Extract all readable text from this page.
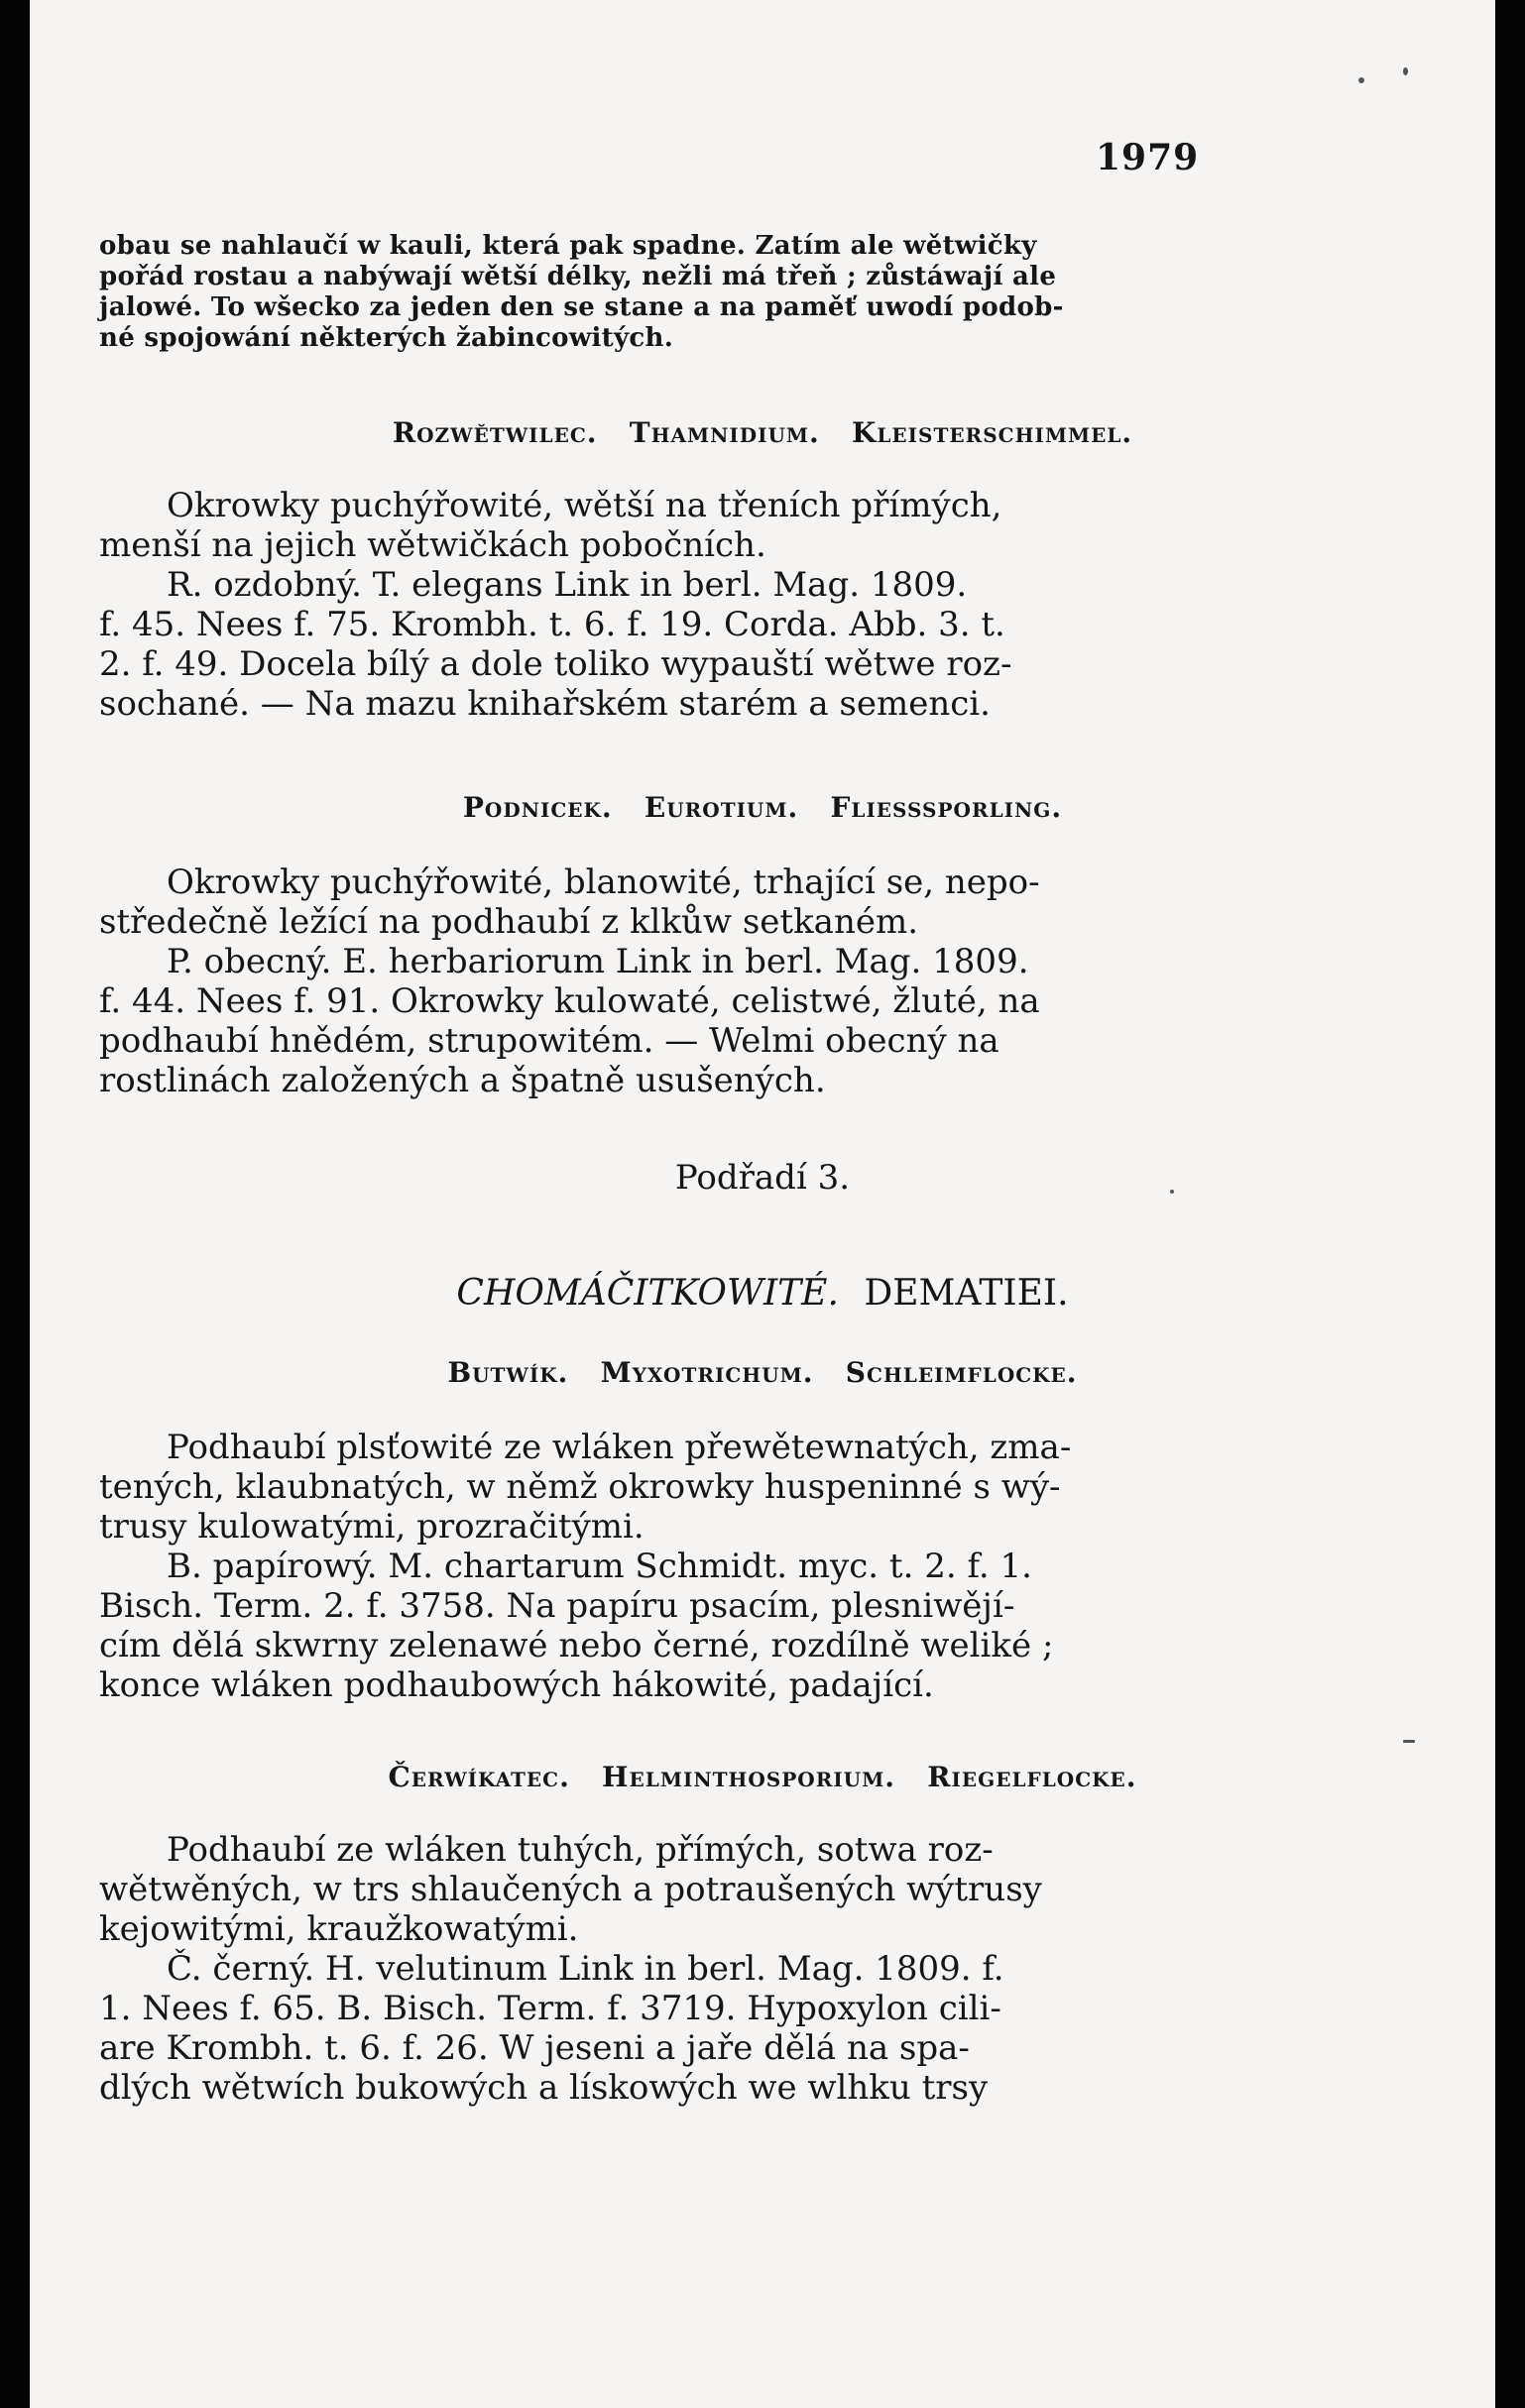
1979

obau se nahlaučí w kauli, která pak spadne. Zatím ale wětwičky
pořád rostau a nabýwají wětší délky, nežli má třeň ; zůstáwají ale
jalowé. To wšecko za jeden den se stane a na paměť uwodí podob-
né spojowání některých žabincowitých.

Rozwětwilec.   Thamnidium.   Kleisterschimmel.

Okrowky puchýřowité, wětší na třeních přímých,
menší na jejich wětwičkách pobočních.
R. ozdobný. T. elegans Link in berl. Mag. 1809.
f. 45. Nees f. 75. Krombh. t. 6. f. 19. Corda. Abb. 3. t.
2. f. 49. Docela bílý a dole toliko wypauští wětwe roz-
sochané. — Na mazu knihařském starém a semenci.

Podnicek.   Eurotium.   Fliesssporling.

Okrowky puchýřowité, blanowité, trhající se, nepo-
středečně ležící na podhaubí z klkůw setkaném.
P. obecný. E. herbariorum Link in berl. Mag. 1809.
f. 44. Nees f. 91. Okrowky kulowaté, celistwé, žluté, na
podhaubí hnědém, strupowitém. — Welmi obecný na
rostlinách založených a špatně usušených.

Podřadí 3.
CHOMÁČITKOWITÉ. DEMATIEI.
Butwík.   Myxotrichum.   Schleimflocke.

Podhaubí plsťowité ze wláken přewětewnatých, zma-
tených, klaubnatých, w němž okrowky huspeninné s wý-
trusy kulowatými, prozračitými.
B. papírowý. M. chartarum Schmidt. myc. t. 2. f. 1.
Bisch. Term. 2. f. 3758. Na papíru psacím, plesniwějí-
cím dělá skwrny zelenawé nebo černé, rozdílně weliké ;
konce wláken podhaubowých hákowité, padající.

Čerwíkatec.   Helminthosporium.   Riegelflocke.

Podhaubí ze wláken tuhých, přímých, sotwa roz-
wětwěných, w trs shlaučených a potraušených wýtrusy
kejowitými, kraužkowatými.
Č. černý. H. velutinum Link in berl. Mag. 1809. f.
1. Nees f. 65. B. Bisch. Term. f. 3719. Hypoxylon cili-
are Krombh. t. 6. f. 26. W jeseni a jaře dělá na spa-
dlých wětwích bukowých a lískowých we wlhku trsy
